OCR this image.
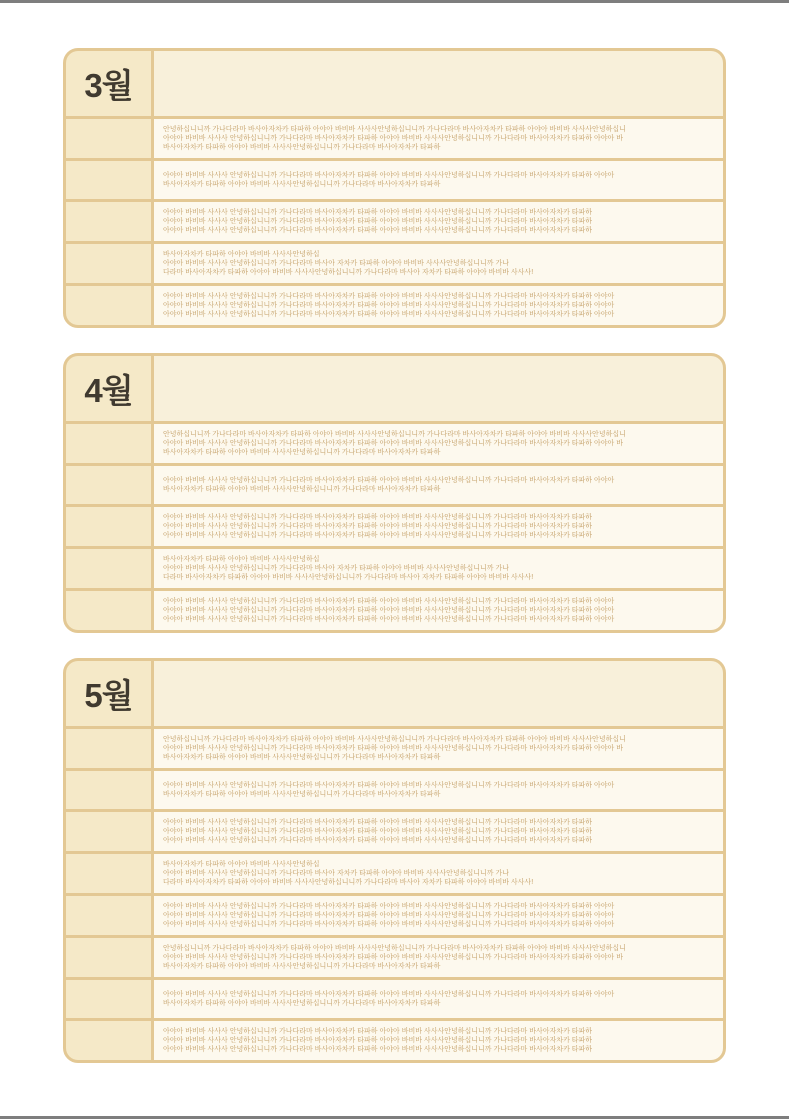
3월
안녕하십니니까 가나다라마 바사아자차카 타파하 아야아 바비바 사사사안녕하십니니까 가나다라마 바사아자차카 타파하 아야아 바비바 사사사안녕하십니
아야아 바비바 사사사 안녕하십니니까 가나다라마 바사아자차카 타파하 아야아 바비바 사사사안녕하십니니까 가나다라마 바사아자차카 타파하 아야아 바
바사아자차카 타파하 아야아 바비바 사사사안녕하십니니까 가나다라마 바사아자차카 타파하
아야아 바비바 사사사 안녕하십니니까 가나다라마 바사아자차카 타파하 아야아 바비바 사사사안녕하십니니까 가나다라마 바사아자차카 타파하 아야아
바사아자차카 타파하 아야아 바비바 사사사안녕하십니니까 가나다라마 바사아자차카 타파하
아야아 바비바 사사사 안녕하십니니까 가나다라마 바사아자차카 타파하 아야아 바비바 사사사안녕하십니니까 가나다라마 바사아자차카 타파하
아야아 바비바 사사사 안녕하십니니까 가나다라마 바사아자차카 타파하 아야아 바비바 사사사안녕하십니니까 가나다라마 바사아자차카 타파하
아야아 바비바 사사사 안녕하십니니까 가나다라마 바사아자차카 타파하 아야아 바비바 사사사안녕하십니니까 가나다라마 바사아자차카 타파하
바사아자차카 타파하 아야아 바비바 사사사안녕하십
아야아 바비바 사사사 안녕하십니니까 가나다라마 바사아 자차카 타파하 아야아 바비바 사사사안녕하십니니까 가나
다라마 바사아자차카 타파하 아야아 바비바 사사사안녕하십니니까 가나다라마 바사아 자차카 타파하 아야아 바비바 사사사!
아야아 바비바 사사사 안녕하십니니까 가나다라마 바사아자차카 타파하 아야아 바비바 사사사안녕하십니니까 가나다라마 바사아자차카 타파하 아야아
아야아 바비바 사사사 안녕하십니니까 가나다라마 바사아자차카 타파하 아야아 바비바 사사사안녕하십니니까 가나다라마 바사아자차카 타파하 아야아
아야아 바비바 사사사 안녕하십니니까 가나다라마 바사아자차카 타파하 아야아 바비바 사사사안녕하십니니까 가나다라마 바사아자차카 타파하 아야아
4월
안녕하십니니까 가나다라마 바사아자차카 타파하 아야아 바비바 사사사안녕하십니니까 가나다라마 바사아자차카 타파하 아야아 바비바 사사사안녕하십니
아야아 바비바 사사사 안녕하십니니까 가나다라마 바사아자차카 타파하 아야아 바비바 사사사안녕하십니니까 가나다라마 바사아자차카 타파하 아야아 바
바사아자차카 타파하 아야아 바비바 사사사안녕하십니니까 가나다라마 바사아자차카 타파하
아야아 바비바 사사사 안녕하십니니까 가나다라마 바사아자차카 타파하 아야아 바비바 사사사안녕하십니니까 가나다라마 바사아자차카 타파하 아야아
바사아자차카 타파하 아야아 바비바 사사사안녕하십니니까 가나다라마 바사아자차카 타파하
아야아 바비바 사사사 안녕하십니니까 가나다라마 바사아자차카 타파하 아야아 바비바 사사사안녕하십니니까 가나다라마 바사아자차카 타파하
아야아 바비바 사사사 안녕하십니니까 가나다라마 바사아자차카 타파하 아야아 바비바 사사사안녕하십니니까 가나다라마 바사아자차카 타파하
아야아 바비바 사사사 안녕하십니니까 가나다라마 바사아자차카 타파하 아야아 바비바 사사사안녕하십니니까 가나다라마 바사아자차카 타파하
바사아자차카 타파하 아야아 바비바 사사사안녕하십
아야아 바비바 사사사 안녕하십니니까 가나다라마 바사아 자차카 타파하 아야아 바비바 사사사안녕하십니니까 가나
다라마 바사아자차카 타파하 아야아 바비바 사사사안녕하십니니까 가나다라마 바사아 자차카 타파하 아야아 바비바 사사사!
아야아 바비바 사사사 안녕하십니니까 가나다라마 바사아자차카 타파하 아야아 바비바 사사사안녕하십니니까 가나다라마 바사아자차카 타파하 아야아
아야아 바비바 사사사 안녕하십니니까 가나다라마 바사아자차카 타파하 아야아 바비바 사사사안녕하십니니까 가나다라마 바사아자차카 타파하 아야아
아야아 바비바 사사사 안녕하십니니까 가나다라마 바사아자차카 타파하 아야아 바비바 사사사안녕하십니니까 가나다라마 바사아자차카 타파하 아야아
5월
안녕하십니니까 가나다라마 바사아자차카 타파하 아야아 바비바 사사사안녕하십니니까 가나다라마 바사아자차카 타파하 아야아 바비바 사사사안녕하십니
아야아 바비바 사사사 안녕하십니니까 가나다라마 바사아자차카 타파하 아야아 바비바 사사사안녕하십니니까 가나다라마 바사아자차카 타파하 아야아 바
바사아자차카 타파하 아야아 바비바 사사사안녕하십니니까 가나다라마 바사아자차카 타파하
아야아 바비바 사사사 안녕하십니니까 가나다라마 바사아자차카 타파하 아야아 바비바 사사사안녕하십니니까 가나다라마 바사아자차카 타파하 아야아
바사아자차카 타파하 아야아 바비바 사사사안녕하십니니까 가나다라마 바사아자차카 타파하
아야아 바비바 사사사 안녕하십니니까 가나다라마 바사아자차카 타파하 아야아 바비바 사사사안녕하십니니까 가나다라마 바사아자차카 타파하
아야아 바비바 사사사 안녕하십니니까 가나다라마 바사아자차카 타파하 아야아 바비바 사사사안녕하십니니까 가나다라마 바사아자차카 타파하
아야아 바비바 사사사 안녕하십니니까 가나다라마 바사아자차카 타파하 아야아 바비바 사사사안녕하십니니까 가나다라마 바사아자차카 타파하
바사아자차카 타파하 아야아 바비바 사사사안녕하십
아야아 바비바 사사사 안녕하십니니까 가나다라마 바사아 자차카 타파하 아야아 바비바 사사사안녕하십니니까 가나
다라마 바사아자차카 타파하 아야아 바비바 사사사안녕하십니니까 가나다라마 바사아 자차카 타파하 아야아 바비바 사사사!
아야아 바비바 사사사 안녕하십니니까 가나다라마 바사아자차카 타파하 아야아 바비바 사사사안녕하십니니까 가나다라마 바사아자차카 타파하 아야아
아야아 바비바 사사사 안녕하십니니까 가나다라마 바사아자차카 타파하 아야아 바비바 사사사안녕하십니니까 가나다라마 바사아자차카 타파하 아야아
아야아 바비바 사사사 안녕하십니니까 가나다라마 바사아자차카 타파하 아야아 바비바 사사사안녕하십니니까 가나다라마 바사아자차카 타파하 아야아
안녕하십니니까 가나다라마 바사아자차카 타파하 아야아 바비바 사사사안녕하십니니까 가나다라마 바사아자차카 타파하 아야아 바비바 사사사안녕하십니
아야아 바비바 사사사 안녕하십니니까 가나다라마 바사아자차카 타파하 아야아 바비바 사사사안녕하십니니까 가나다라마 바사아자차카 타파하 아야아 바
바사아자차카 타파하 아야아 바비바 사사사안녕하십니니까 가나다라마 바사아자차카 타파하
아야아 바비바 사사사 안녕하십니니까 가나다라마 바사아자차카 타파하 아야아 바비바 사사사안녕하십니니까 가나다라마 바사아자차카 타파하 아야아
바사아자차카 타파하 아야아 바비바 사사사안녕하십니니까 가나다라마 바사아자차카 타파하
아야아 바비바 사사사 안녕하십니니까 가나다라마 바사아자차카 타파하 아야아 바비바 사사사안녕하십니니까 가나다라마 바사아자차카 타파하
아야아 바비바 사사사 안녕하십니니까 가나다라마 바사아자차카 타파하 아야아 바비바 사사사안녕하십니니까 가나다라마 바사아자차카 타파하
아야아 바비바 사사사 안녕하십니니까 가나다라마 바사아자차카 타파하 아야아 바비바 사사사안녕하십니니까 가나다라마 바사아자차카 타파하
